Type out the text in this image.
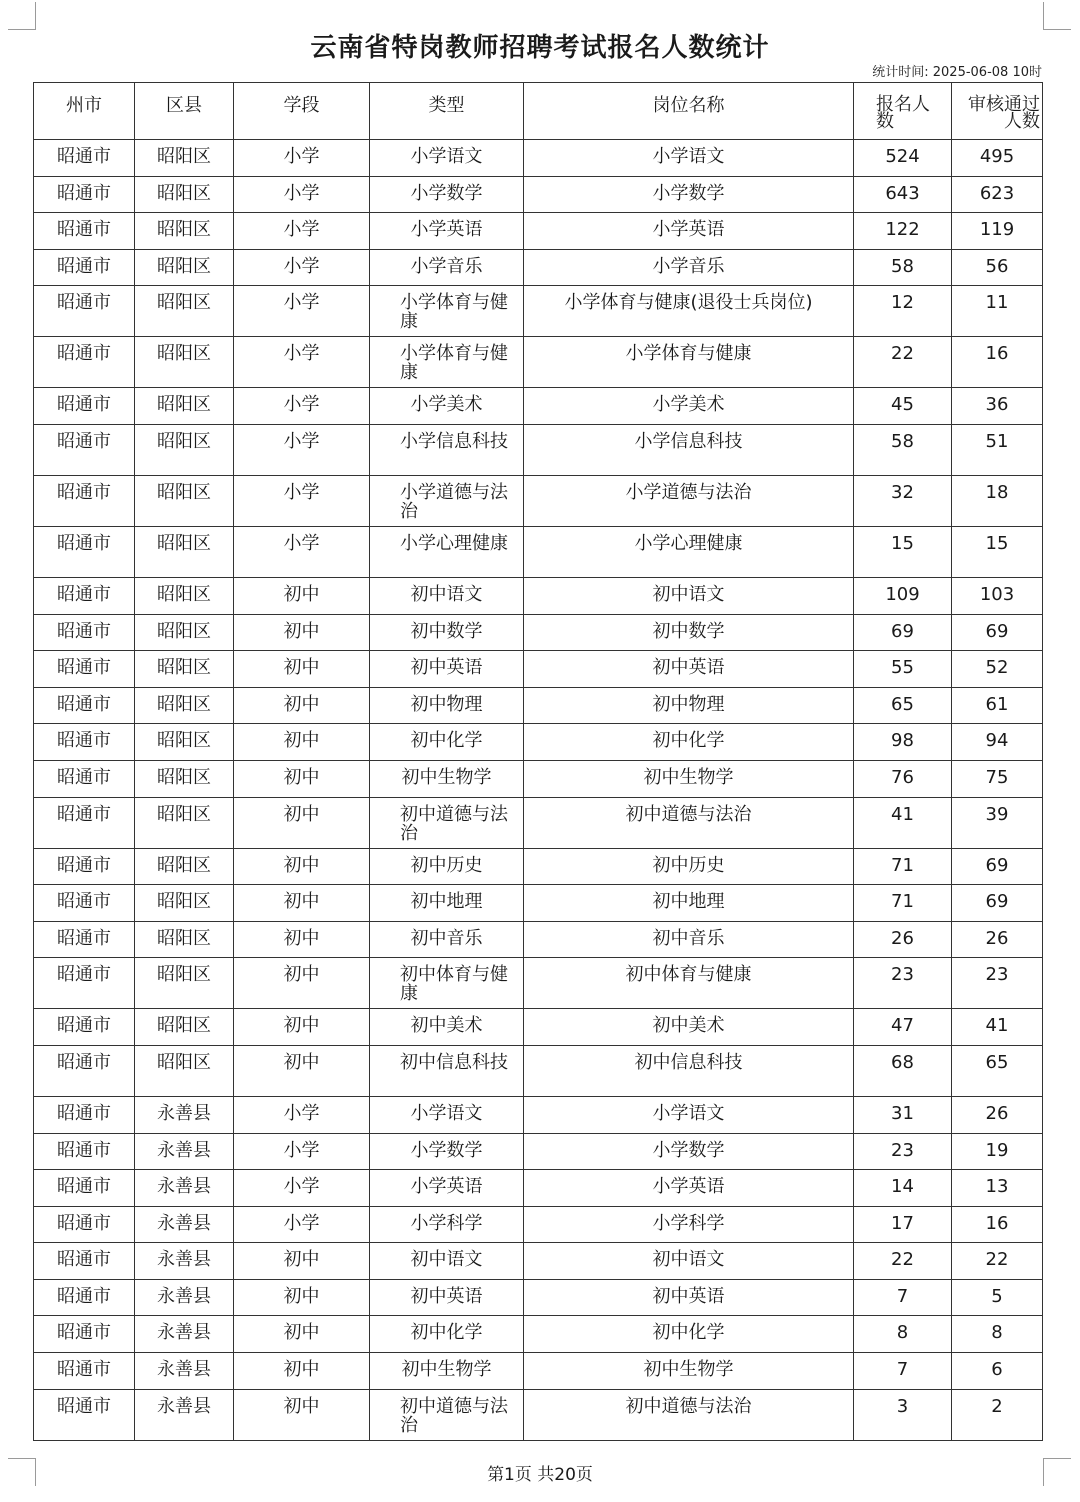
云南省特岗教师招聘考试报名人数统计
统计时间: 2025-06-08 10时
州市	区县	学段	类型	岗位名称	报名人数	审核通过人数
昭通市	昭阳区	小学	小学语文	小学语文	524	495
昭通市	昭阳区	小学	小学数学	小学数学	643	623
昭通市	昭阳区	小学	小学英语	小学英语	122	119
昭通市	昭阳区	小学	小学音乐	小学音乐	58	56
昭通市	昭阳区	小学	小学体育与健康	小学体育与健康(退役士兵岗位)	12	11
昭通市	昭阳区	小学	小学体育与健康	小学体育与健康	22	16
昭通市	昭阳区	小学	小学美术	小学美术	45	36
昭通市	昭阳区	小学	小学信息科技	小学信息科技	58	51
昭通市	昭阳区	小学	小学道德与法治	小学道德与法治	32	18
昭通市	昭阳区	小学	小学心理健康	小学心理健康	15	15
昭通市	昭阳区	初中	初中语文	初中语文	109	103
昭通市	昭阳区	初中	初中数学	初中数学	69	69
昭通市	昭阳区	初中	初中英语	初中英语	55	52
昭通市	昭阳区	初中	初中物理	初中物理	65	61
昭通市	昭阳区	初中	初中化学	初中化学	98	94
昭通市	昭阳区	初中	初中生物学	初中生物学	76	75
昭通市	昭阳区	初中	初中道德与法治	初中道德与法治	41	39
昭通市	昭阳区	初中	初中历史	初中历史	71	69
昭通市	昭阳区	初中	初中地理	初中地理	71	69
昭通市	昭阳区	初中	初中音乐	初中音乐	26	26
昭通市	昭阳区	初中	初中体育与健康	初中体育与健康	23	23
昭通市	昭阳区	初中	初中美术	初中美术	47	41
昭通市	昭阳区	初中	初中信息科技	初中信息科技	68	65
昭通市	永善县	小学	小学语文	小学语文	31	26
昭通市	永善县	小学	小学数学	小学数学	23	19
昭通市	永善县	小学	小学英语	小学英语	14	13
昭通市	永善县	小学	小学科学	小学科学	17	16
昭通市	永善县	初中	初中语文	初中语文	22	22
昭通市	永善县	初中	初中英语	初中英语	7	5
昭通市	永善县	初中	初中化学	初中化学	8	8
昭通市	永善县	初中	初中生物学	初中生物学	7	6
昭通市	永善县	初中	初中道德与法治	初中道德与法治	3	2
第1页 共20页
